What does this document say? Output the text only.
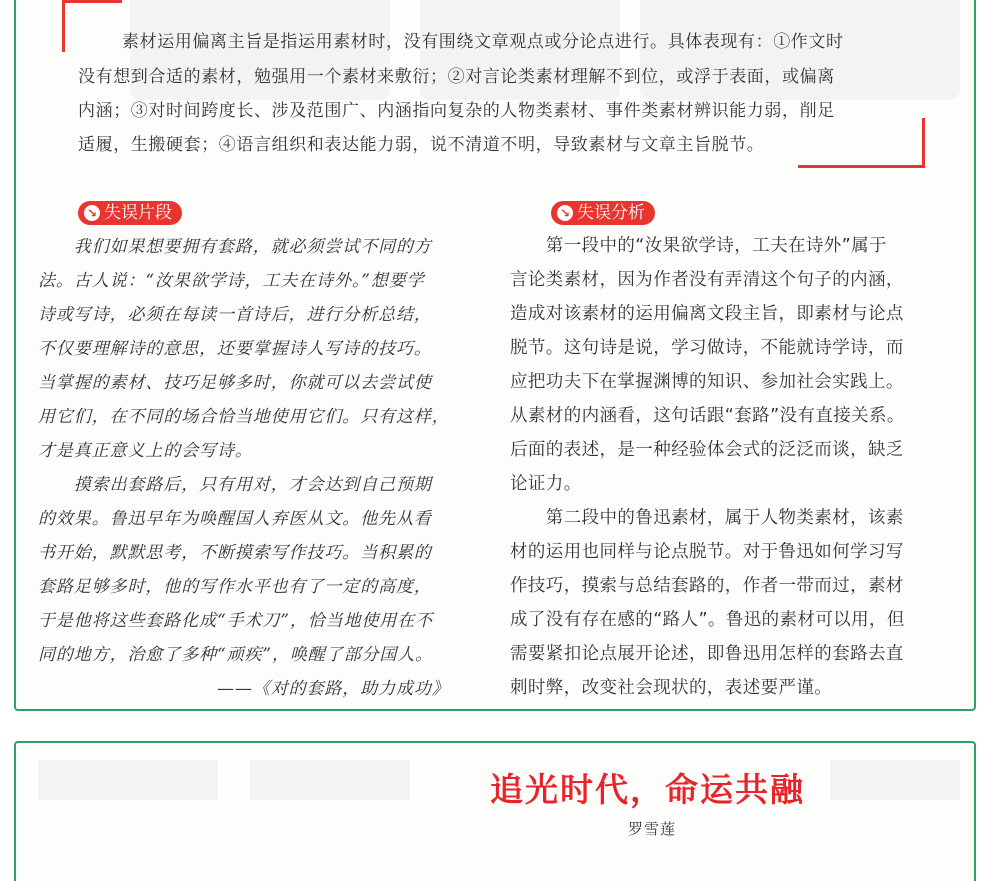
素材运用偏离主旨是指运用素材时，没有围绕文章观点或分论点进行。具体表现有：①作文时
没有想到合适的素材，勉强用一个素材来敷衍；②对言论类素材理解不到位，或浮于表面，或偏离
内涵；③对时间跨度长、涉及范围广、内涵指向复杂的人物类素材、事件类素材辨识能力弱，削足
适履，生搬硬套；④语言组织和表达能力弱，说不清道不明，导致素材与文章主旨脱节。
↘ 失误片段	↘ 失误分析
　　我们如果想要拥有套路，就必须尝试不同的方
法。古人说：“汝果欲学诗，工夫在诗外。”想要学
诗或写诗，必须在每读一首诗后，进行分析总结，
不仅要理解诗的意思，还要掌握诗人写诗的技巧。
当掌握的素材、技巧足够多时，你就可以去尝试使
用它们，在不同的场合恰当地使用它们。只有这样，
才是真正意义上的会写诗。
　　摸索出套路后，只有用对，才会达到自己预期
的效果。鲁迅早年为唤醒国人弃医从文。他先从看
书开始，默默思考，不断摸索写作技巧。当积累的
套路足够多时，他的写作水平也有了一定的高度，
于是他将这些套路化成“手术刀”，恰当地使用在不
同的地方，治愈了多种“顽疾”，唤醒了部分国人。
　　　　　　　　　　——《对的套路，助力成功》
　　第一段中的“汝果欲学诗，工夫在诗外”属于
言论类素材，因为作者没有弄清这个句子的内涵，
造成对该素材的运用偏离文段主旨，即素材与论点
脱节。这句诗是说，学习做诗，不能就诗学诗，而
应把功夫下在掌握渊博的知识、参加社会实践上。
从素材的内涵看，这句话跟“套路”没有直接关系。
后面的表述，是一种经验体会式的泛泛而谈，缺乏
论证力。
　　第二段中的鲁迅素材，属于人物类素材，该素
材的运用也同样与论点脱节。对于鲁迅如何学习写
作技巧，摸索与总结套路的，作者一带而过，素材
成了没有存在感的“路人”。鲁迅的素材可以用，但
需要紧扣论点展开论述，即鲁迅用怎样的套路去直
刺时弊，改变社会现状的，表述要严谨。
追光时代，命运共融
罗雪莲
